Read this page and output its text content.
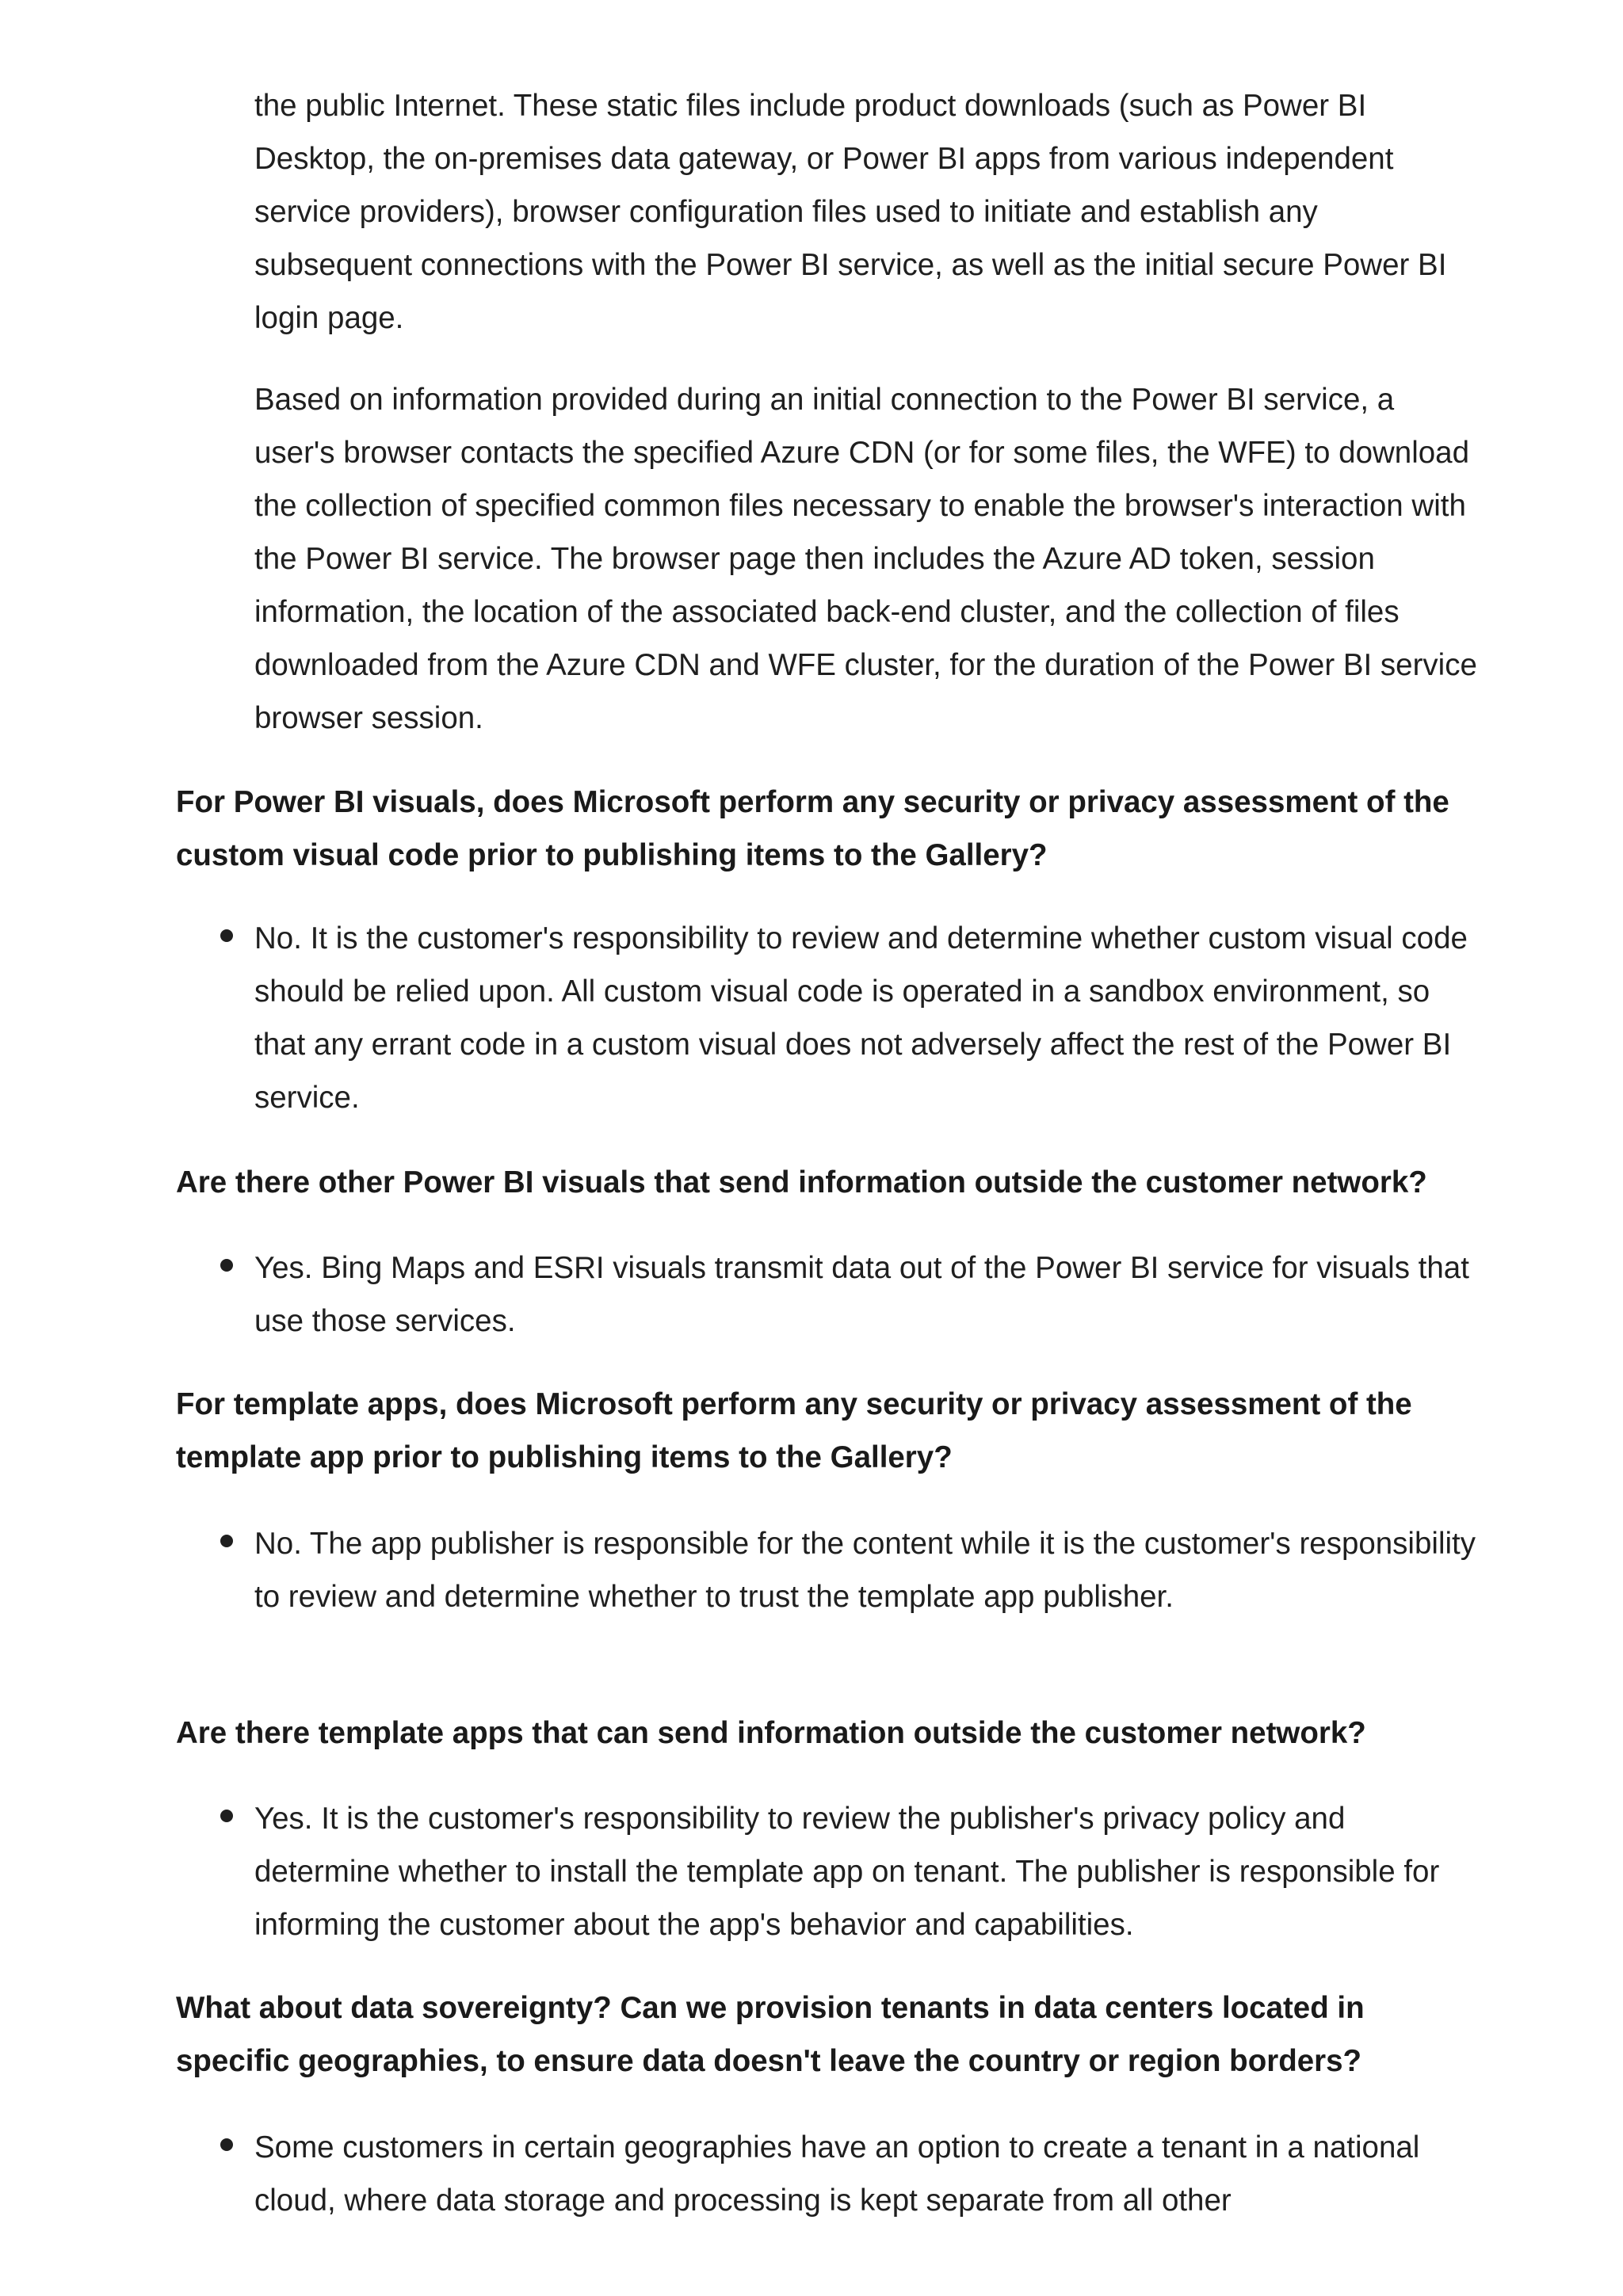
the public Internet. These static files include product downloads (such as Power BI Desktop, the on-premises data gateway, or Power BI apps from various independent service providers), browser configuration files used to initiate and establish any subsequent connections with the Power BI service, as well as the initial secure Power BI login page.

Based on information provided during an initial connection to the Power BI service, a user's browser contacts the specified Azure CDN (or for some files, the WFE) to download the collection of specified common files necessary to enable the browser's interaction with the Power BI service. The browser page then includes the Azure AD token, session information, the location of the associated back-end cluster, and the collection of files downloaded from the Azure CDN and WFE cluster, for the duration of the Power BI service browser session.

For Power BI visuals, does Microsoft perform any security or privacy assessment of the custom visual code prior to publishing items to the Gallery?

No. It is the customer's responsibility to review and determine whether custom visual code should be relied upon. All custom visual code is operated in a sandbox environment, so that any errant code in a custom visual does not adversely affect the rest of the Power BI service.

Are there other Power BI visuals that send information outside the customer network?

Yes. Bing Maps and ESRI visuals transmit data out of the Power BI service for visuals that use those services.

For template apps, does Microsoft perform any security or privacy assessment of the template app prior to publishing items to the Gallery?

No. The app publisher is responsible for the content while it is the customer's responsibility to review and determine whether to trust the template app publisher.

Are there template apps that can send information outside the customer network?

Yes. It is the customer's responsibility to review the publisher's privacy policy and determine whether to install the template app on tenant. The publisher is responsible for informing the customer about the app's behavior and capabilities.

What about data sovereignty? Can we provision tenants in data centers located in specific geographies, to ensure data doesn't leave the country or region borders?

Some customers in certain geographies have an option to create a tenant in a national cloud, where data storage and processing is kept separate from all other
